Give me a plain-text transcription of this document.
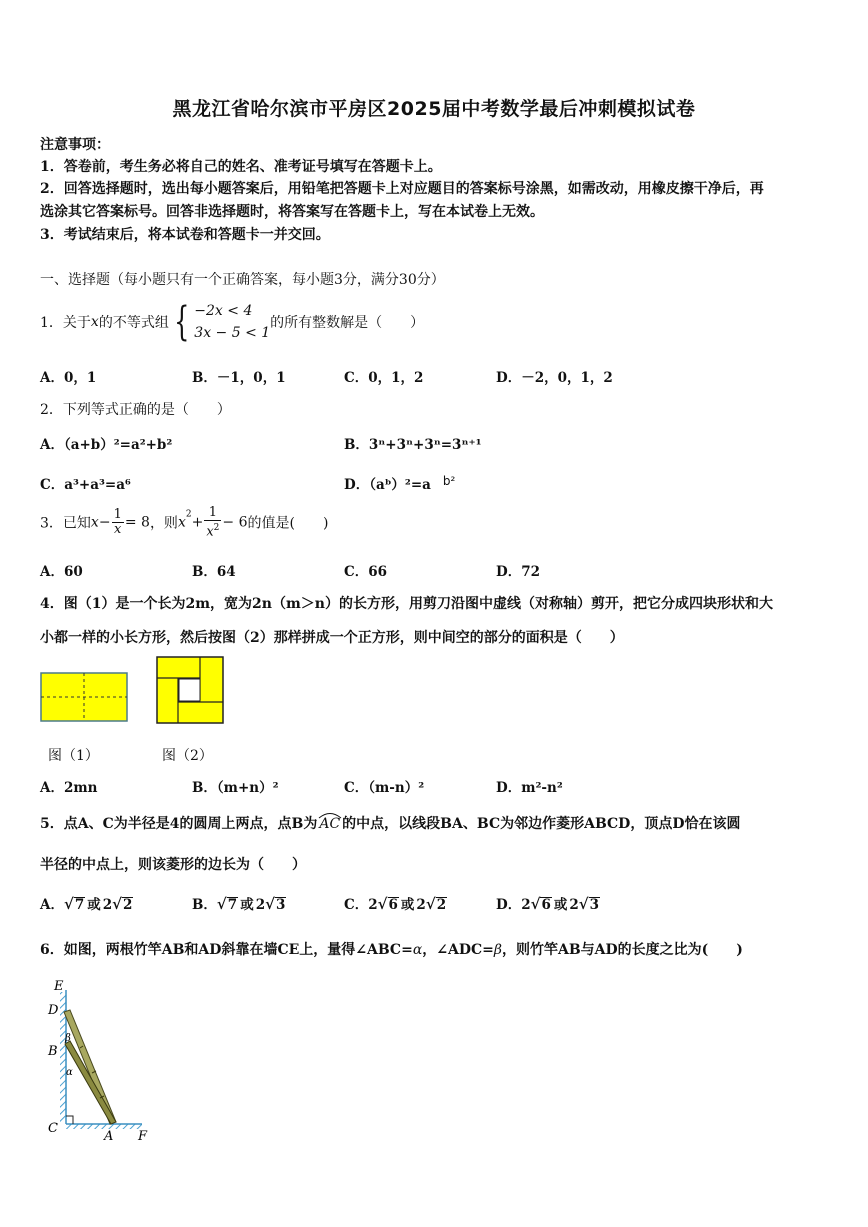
黑龙江省哈尔滨市平房区2025届中考数学最后冲刺模拟试卷
注意事项：
1．答卷前，考生务必将自己的姓名、准考证号填写在答题卡上。
2．回答选择题时，选出每小题答案后，用铅笔把答题卡上对应题目的答案标号涂黑，如需改动，用橡皮擦干净后，再
选涂其它答案标号。回答非选择题时，将答案写在答题卡上，写在本试卷上无效。
3．考试结束后，将本试卷和答题卡一并交回。
一、选择题（每小题只有一个正确答案，每小题3分，满分30分）
1．关于x的不等式组 { −2x < 4
3x − 5 < 1
的所有整数解是（　　）
A．0，1	B．－1，0，1	C．0，1，2	D．－2，0，1，2
2．下列等式正确的是（　　）
A．（a+b）²=a²+b²	B．3ⁿ+3ⁿ+3ⁿ=3ⁿ⁺¹
C．a³+a³=a⁶	D．（aᵇ）²=a b²
3．已知$x- \frac{1}{x} = 8$，则$x^2+ \frac{1}{x^2} - 6$的值是(　　)
A．60	B．64	C．66	D．72
4．图（1）是一个长为2m，宽为2n（m＞n）的长方形，用剪刀沿图中虚线（对称轴）剪开，把它分成四块形状和大
小都一样的小长方形，然后按图（2）那样拼成一个正方形，则中间空的部分的面积是（　　）
图（1）	图（2）
A．2mn	B．（m+n）²	C．（m-n）²	D．m²-n²
5．点A、C为半径是4的圆周上两点，点B为 AC 的中点，以线段BA、BC为邻边作菱形ABCD，顶点D恰在该圆
半径的中点上，则该菱形的边长为（　　）
A．√7 或 2√2	B．√7 或 2√3	C．2√6 或 2√2	D．2√6 或 2√3
6．如图，两根竹竿AB和AD斜靠在墙CE上，量得∠ABC=α，∠ADC=β，则竹竿AB与AD的长度之比为(　　)
E
D
B
C
A F
β
α
